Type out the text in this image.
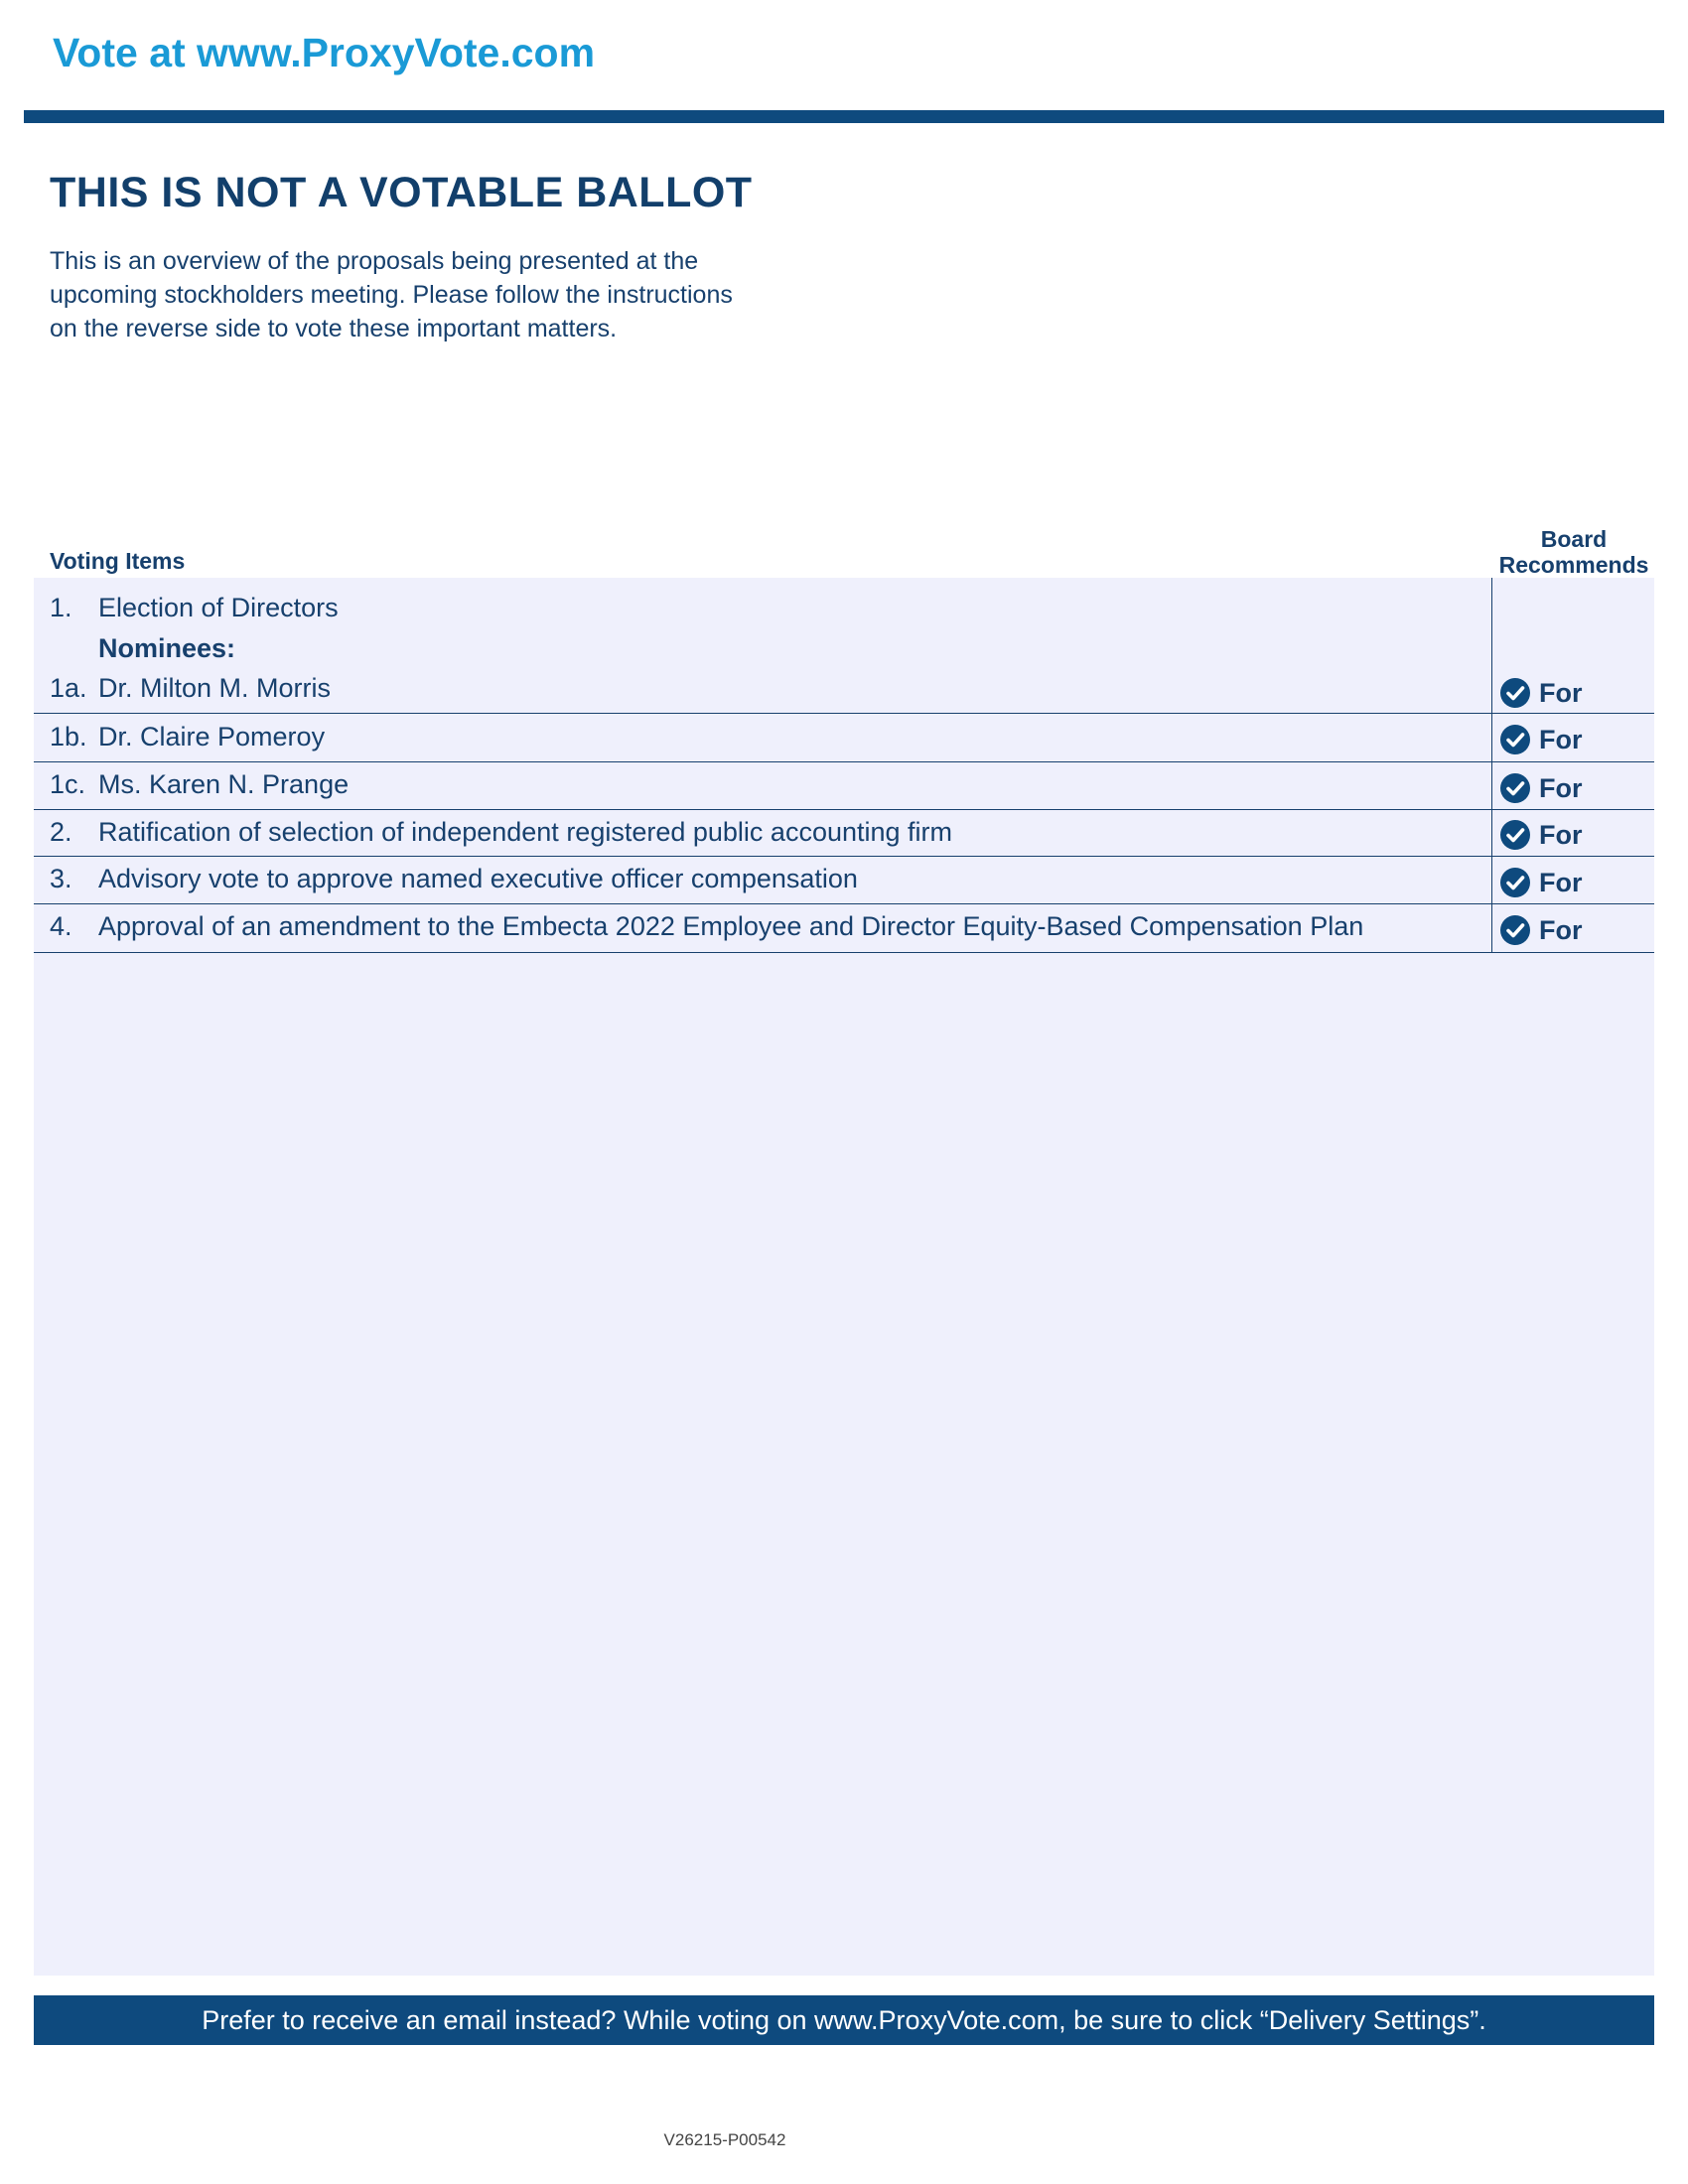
Vote at www.ProxyVote.com
THIS IS NOT A VOTABLE BALLOT
This is an overview of the proposals being presented at the
upcoming stockholders meeting. Please follow the instructions
on the reverse side to vote these important matters.
Voting Items
Board
Recommends
1. Election of Directors
Nominees:
1a. Dr. Milton M. Morris	For
1b. Dr. Claire Pomeroy	For
1c. Ms. Karen N. Prange	For
2. Ratification of selection of independent registered public accounting firm	For
3. Advisory vote to approve named executive officer compensation	For
4. Approval of an amendment to the Embecta 2022 Employee and Director Equity-Based Compensation Plan	For
Prefer to receive an email instead? While voting on www.ProxyVote.com, be sure to click “Delivery Settings”.
V26215-P00542
